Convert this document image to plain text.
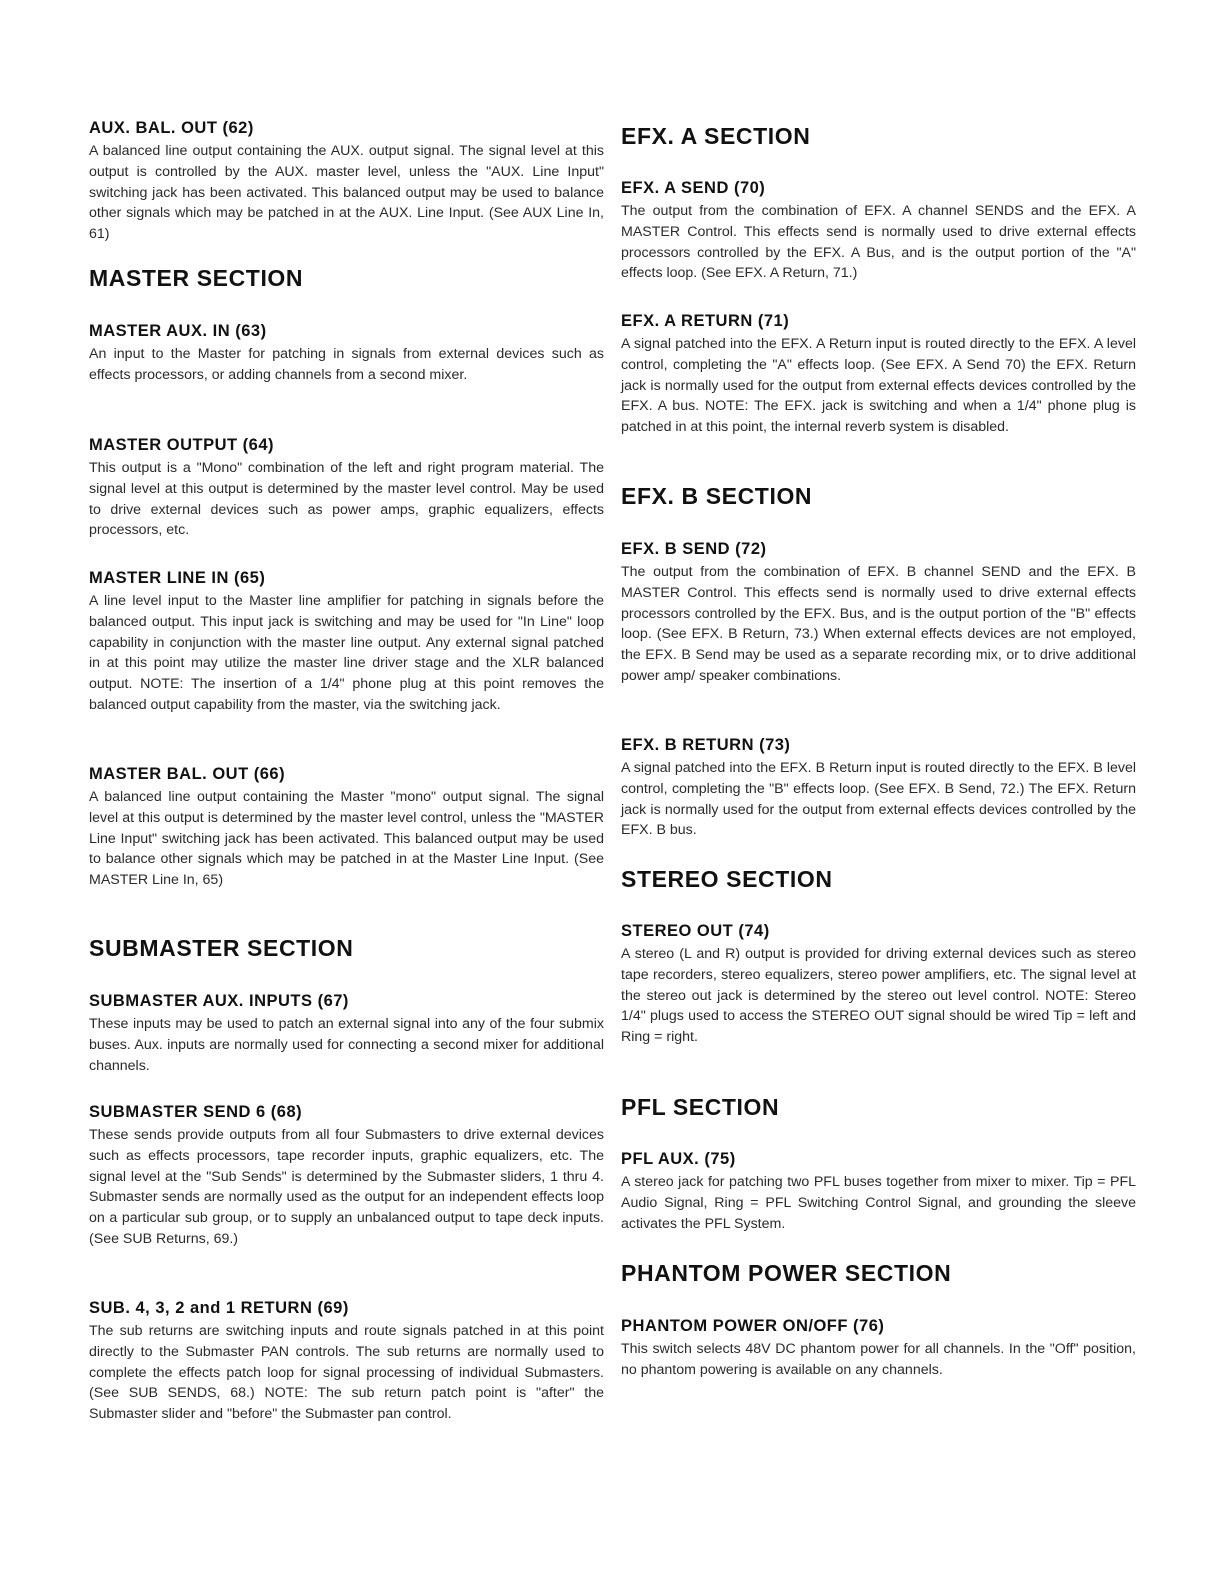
AUX. BAL. OUT (62)

A balanced line output containing the AUX. output signal. The signal level at this output is controlled by the AUX. master level, unless the "AUX. Line Input" switching jack has been activated. This balanced output may be used to balance other signals which may be patched in at the AUX. Line Input. (See AUX Line In, 61)

MASTER SECTION
MASTER AUX. IN (63)

An input to the Master for patching in signals from external devices such as effects processors, or adding channels from a second mixer.

MASTER OUTPUT (64)

This output is a "Mono" combination of the left and right program material. The signal level at this output is determined by the master level control. May be used to drive external devices such as power amps, graphic equalizers, effects processors, etc.

MASTER LINE IN (65)

A line level input to the Master line amplifier for patching in signals before the balanced output. This input jack is switching and may be used for "In Line" loop capability in conjunction with the master line output. Any external signal patched in at this point may utilize the master line driver stage and the XLR balanced output. NOTE: The insertion of a 1/4" phone plug at this point removes the balanced output capability from the master, via the switching jack.

MASTER BAL. OUT (66)

A balanced line output containing the Master "mono" output signal. The signal level at this output is determined by the master level control, unless the "MASTER Line Input" switching jack has been activated. This balanced output may be used to balance other signals which may be patched in at the Master Line Input. (See MASTER Line In, 65)

SUBMASTER SECTION
SUBMASTER AUX. INPUTS (67)

These inputs may be used to patch an external signal into any of the four submix buses. Aux. inputs are normally used for connecting a second mixer for additional channels.

SUBMASTER SEND 6 (68)

These sends provide outputs from all four Submasters to drive external devices such as effects processors, tape recorder inputs, graphic equalizers, etc. The signal level at the "Sub Sends" is determined by the Submaster sliders, 1 thru 4. Submaster sends are normally used as the output for an independent effects loop on a particular sub group, or to supply an unbalanced output to tape deck inputs. (See SUB Returns, 69.)

SUB. 4, 3, 2 and 1 RETURN (69)

The sub returns are switching inputs and route signals patched in at this point directly to the Submaster PAN controls. The sub returns are normally used to complete the effects patch loop for signal processing of individual Submasters. (See SUB SENDS, 68.) NOTE: The sub return patch point is "after" the Submaster slider and "before" the Submaster pan control.

EFX. A SECTION
EFX. A SEND (70)

The output from the combination of EFX. A channel SENDS and the EFX. A MASTER Control. This effects send is normally used to drive external effects processors controlled by the EFX. A Bus, and is the output portion of the "A" effects loop. (See EFX. A Return, 71.)

EFX. A RETURN (71)

A signal patched into the EFX. A Return input is routed directly to the EFX. A level control, completing the "A" effects loop. (See EFX. A Send 70) the EFX. Return jack is normally used for the output from external effects devices controlled by the EFX. A bus. NOTE: The EFX. jack is switching and when a 1/4" phone plug is patched in at this point, the internal reverb system is disabled.

EFX. B SECTION
EFX. B SEND (72)

The output from the combination of EFX. B channel SEND and the EFX. B MASTER Control. This effects send is normally used to drive external effects processors controlled by the EFX. Bus, and is the output portion of the "B" effects loop. (See EFX. B Return, 73.) When external effects devices are not employed, the EFX. B Send may be used as a separate recording mix, or to drive additional power amp/ speaker combinations.

EFX. B RETURN (73)

A signal patched into the EFX. B Return input is routed directly to the EFX. B level control, completing the "B" effects loop. (See EFX. B Send, 72.) The EFX. Return jack is normally used for the output from external effects devices controlled by the EFX. B bus.

STEREO SECTION
STEREO OUT (74)

A stereo (L and R) output is provided for driving external devices such as stereo tape recorders, stereo equalizers, stereo power amplifiers, etc. The signal level at the stereo out jack is determined by the stereo out level control. NOTE: Stereo 1/4" plugs used to access the STEREO OUT signal should be wired Tip = left and Ring = right.

PFL SECTION
PFL AUX. (75)

A stereo jack for patching two PFL buses together from mixer to mixer. Tip = PFL Audio Signal, Ring = PFL Switching Control Signal, and grounding the sleeve activates the PFL System.

PHANTOM POWER SECTION
PHANTOM POWER ON/OFF (76)

This switch selects 48V DC phantom power for all channels. In the "Off" position, no phantom powering is available on any channels.
